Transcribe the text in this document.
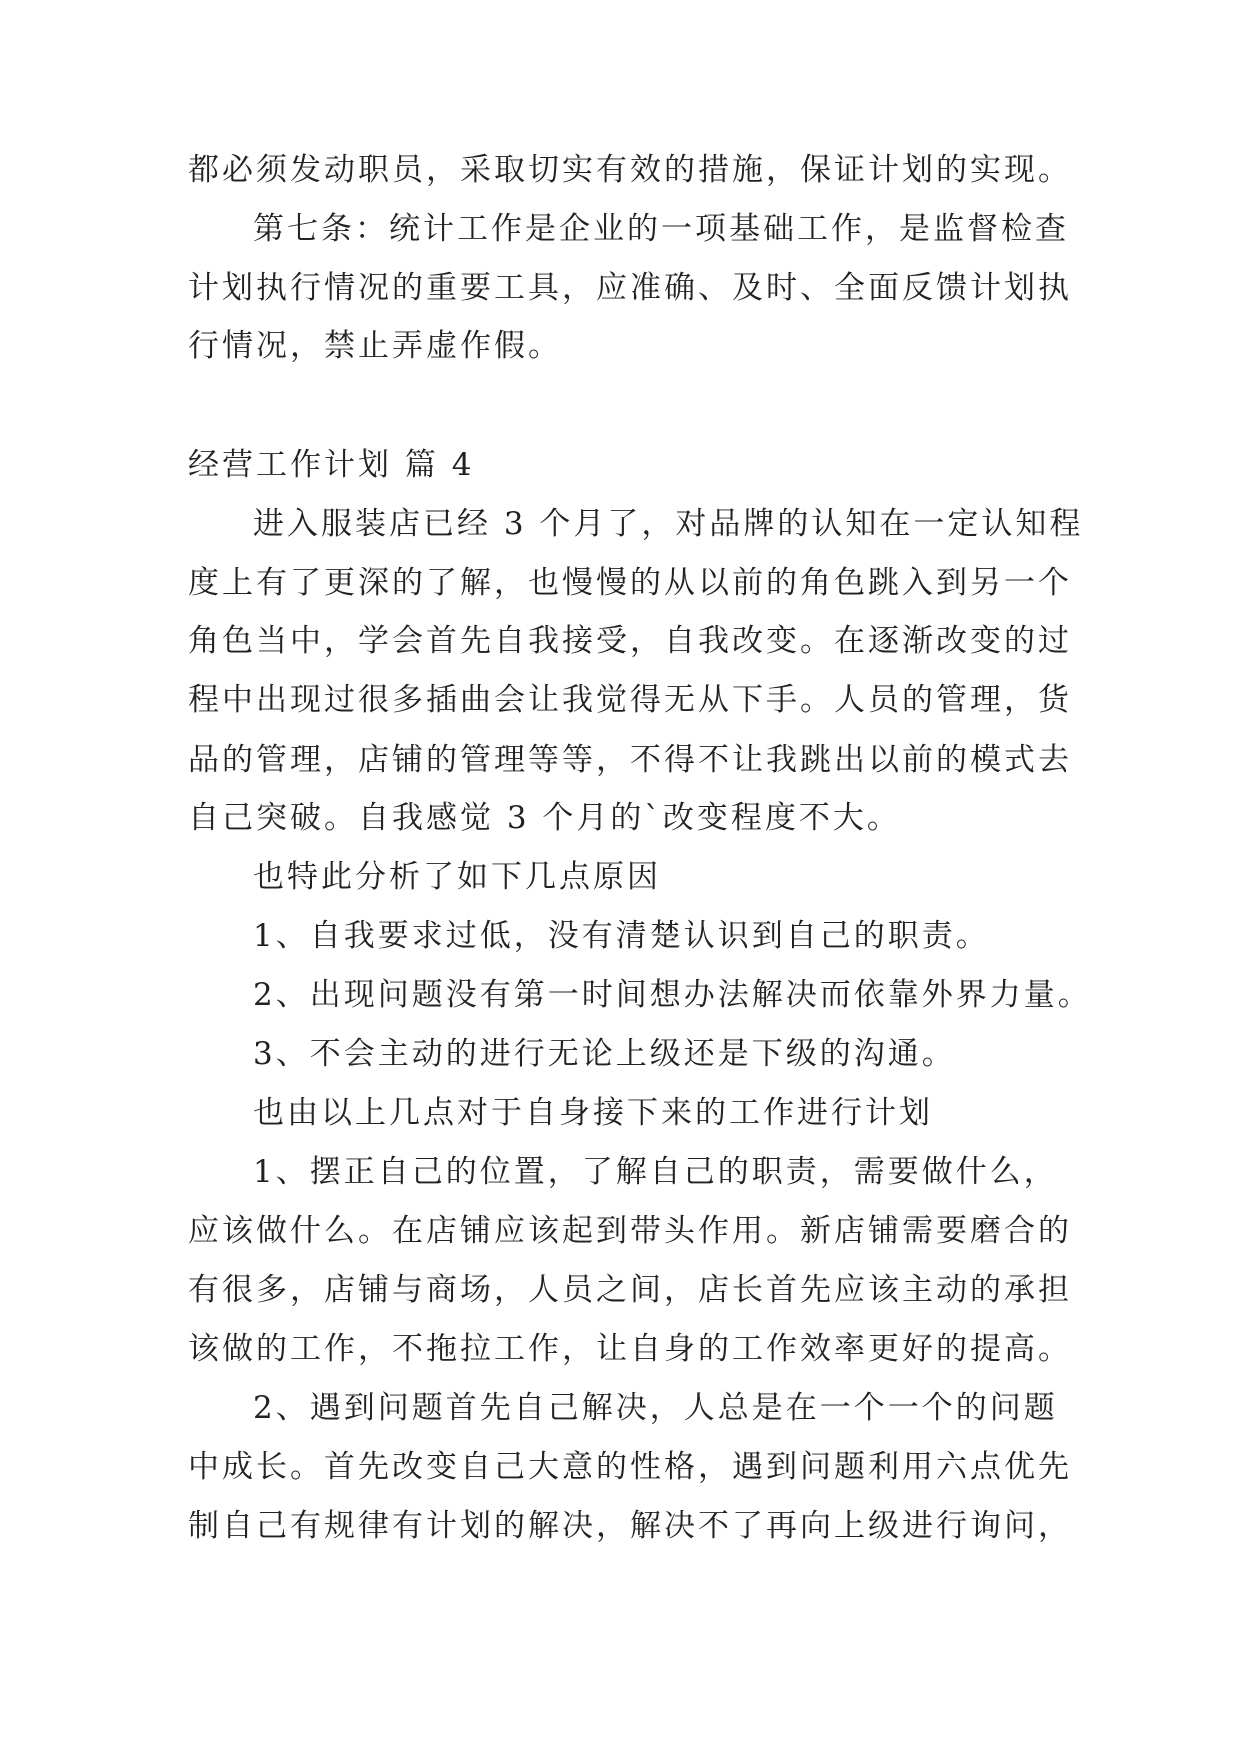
都必须发动职员，采取切实有效的措施，保证计划的实现。
第七条：统计工作是企业的一项基础工作，是监督检查
计划执行情况的重要工具，应准确、及时、全面反馈计划执
行情况，禁止弄虚作假。
经营工作计划 篇 4
进入服装店已经 3 个月了，对品牌的认知在一定认知程
度上有了更深的了解，也慢慢的从以前的角色跳入到另一个
角色当中，学会首先自我接受，自我改变。在逐渐改变的过
程中出现过很多插曲会让我觉得无从下手。人员的管理，货
品的管理，店铺的管理等等，不得不让我跳出以前的模式去
自己突破。自我感觉 3 个月的`改变程度不大。
也特此分析了如下几点原因
1、自我要求过低，没有清楚认识到自己的职责。
2、出现问题没有第一时间想办法解决而依靠外界力量。
3、不会主动的进行无论上级还是下级的沟通。
也由以上几点对于自身接下来的工作进行计划
1、摆正自己的位置，了解自己的职责，需要做什么，
应该做什么。在店铺应该起到带头作用。新店铺需要磨合的
有很多，店铺与商场，人员之间，店长首先应该主动的承担
该做的工作，不拖拉工作，让自身的工作效率更好的提高。
2、遇到问题首先自己解决，人总是在一个一个的问题
中成长。首先改变自己大意的性格，遇到问题利用六点优先
制自己有规律有计划的解决，解决不了再向上级进行询问，
